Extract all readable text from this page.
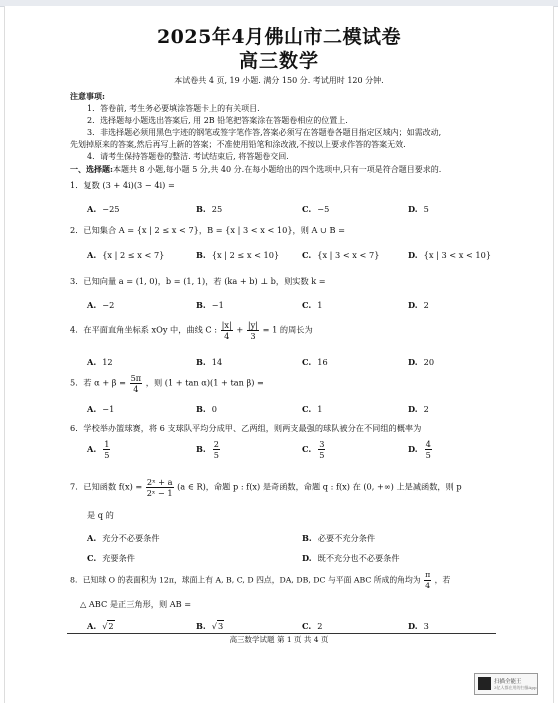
2025年4月佛山市二模试卷
高三数学
本试卷共 4 页, 19 小题. 满分 150 分. 考试用时 120 分钟.
注意事项:
1．答卷前, 考生务必要填涂答题卡上的有关项目.
2．选择题每小题选出答案后, 用 2B 铅笔把答案涂在答题卷相应的位置上.
3．非选择题必须用黑色字迹的钢笔或签字笔作答,答案必须写在答题卷各题目指定区域内；如需改动,
先划掉原来的答案,然后再写上新的答案；不准使用铅笔和涂改液,不按以上要求作答的答案无效.
4．请考生保持答题卷的整洁. 考试结束后, 将答题卷交回.
一、选择题:本题共 8 小题,每小题 5 分,共 40 分.在每小题给出的四个选项中,只有一项是符合题目要求的.
1．复数 (3 + 4i)(3 − 4i) =
A. −25	B. 25	C. −5	D. 5
2．已知集合 A = {x | 2 ≤ x < 7}，B = {x | 3 < x < 10}，则 A ∪ B =
A. {x | 2 ≤ x < 7}	B. {x | 2 ≤ x < 10}	C. {x | 3 < x < 7}	D. {x | 3 < x < 10}
3．已知向量 a = (1, 0)，b = (1, 1)，若 (ka + b) ⊥ b，则实数 k =
A. −2	B. −1	C. 1	D. 2
4．在平面直角坐标系 xOy 中，曲线 C : $\frac{|x|}{4} + \frac{|y|}{3} = 1$ 的周长为
A. 12	B. 14	C. 16	D. 20
5．若 $\alpha + \beta = \frac{5\pi}{4}$ ，则 (1 + tan α)(1 + tan β) =
A. −1	B. 0	C. 1	D. 2
6．学校举办篮球赛，将 6 支球队平均分成甲、乙两组，则两支最强的球队被分在不同组的概率为
A. $\frac{1}{5}$	B. $\frac{2}{5}$	C. $\frac{3}{5}$	D. $\frac{4}{5}$
7．已知函数 $f(x) = \frac{\text{2ˣ + a}}{\text{2ˣ − 1}} (a$ ∈ R)，命题 p : f(x) 是奇函数，命题 q : f(x) 在 (0, +∞) 上是减函数，则 p
是 q 的
A. 充分不必要条件	B. 必要不充分条件
C. 充要条件	D. 既不充分也不必要条件
8．已知球 O 的表面积为 12π，球面上有 A, B, C, D 四点，DA, DB, DC 与平面 ABC 所成的角均为 $\frac{\pi}{4}$ ，若
△ ABC 是正三角形，则 AB =
A. √2	B. √3	C. 2	D. 3
高三数学试题 第 1 页 共 4 页
扫描全能王
3亿人都在用的扫描App
